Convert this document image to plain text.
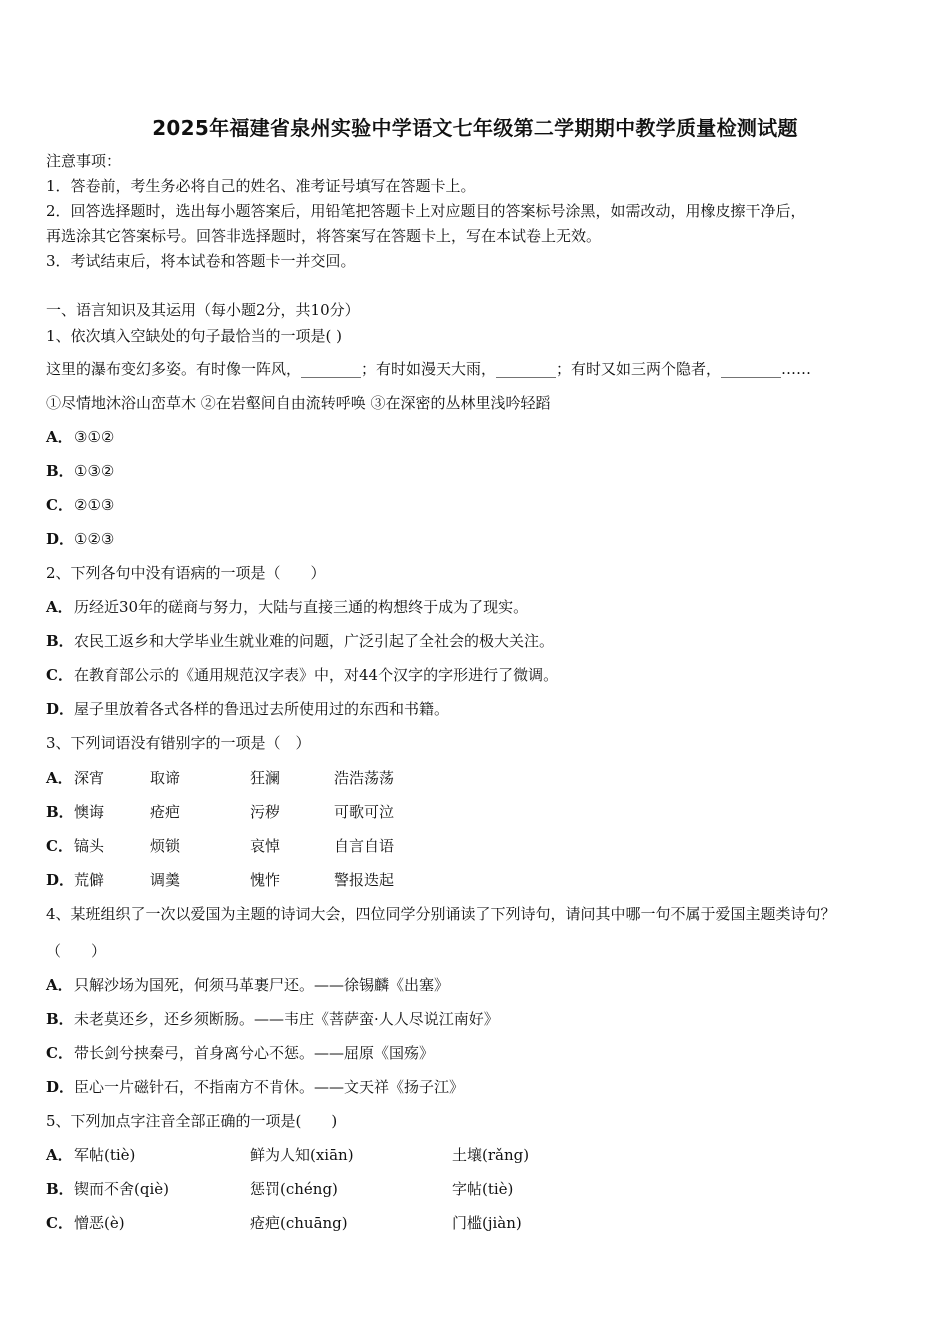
2025年福建省泉州实验中学语文七年级第二学期期中教学质量检测试题
注意事项：
1．答卷前，考生务必将自己的姓名、准考证号填写在答题卡上。
2．回答选择题时，选出每小题答案后，用铅笔把答题卡上对应题目的答案标号涂黑，如需改动，用橡皮擦干净后，
再选涂其它答案标号。回答非选择题时，将答案写在答题卡上，写在本试卷上无效。
3．考试结束后，将本试卷和答题卡一并交回。
一、语言知识及其运用（每小题2分，共10分）
1、依次填入空缺处的句子最恰当的一项是( )
这里的瀑布变幻多姿。有时像一阵风，________；有时如漫天大雨，________；有时又如三两个隐者，________……
①尽情地沐浴山峦草木 ②在岩壑间自由流转呼唤 ③在深密的丛林里浅吟轻蹈
A．③①②
B．①③②
C．②①③
D．①②③
2、下列各句中没有语病的一项是（　　）
A．历经近30年的磋商与努力，大陆与直接三通的构想终于成为了现实。
B．农民工返乡和大学毕业生就业难的问题，广泛引起了全社会的极大关注。
C．在教育部公示的《通用规范汉字表》中，对44个汉字的字形进行了微调。
D．屋子里放着各式各样的鲁迅过去所使用过的东西和书籍。
3、下列词语没有错别字的一项是（　）
A． 深宵	取谛	狂澜	浩浩荡荡
B． 懊诲	疮疤	污秽	可歌可泣
C． 镐头	烦锁	哀悼	自言自语
D． 荒僻	调羹	愧怍	警报迭起
4、某班组织了一次以爱国为主题的诗词大会，四位同学分别诵读了下列诗句，请问其中哪一句不属于爱国主题类诗句？
（　　）
A．只解沙场为国死，何须马革裹尸还。——徐锡麟《出塞》
B．未老莫还乡，还乡须断肠。——韦庄《菩萨蛮·人人尽说江南好》
C．带长剑兮挟秦弓，首身离兮心不惩。——屈原《国殇》
D．臣心一片磁针石，不指南方不肯休。——文天祥《扬子江》
5、下列加点字注音全部正确的一项是(　　)
A． 军帖(tiè)	鲜为人知(xiān)	土壤(rǎng)
B． 锲而不舍(qiè)	惩罚(chéng)	字帖(tiè)
C． 憎恶(è)	疮疤(chuāng)	门槛(jiàn)
